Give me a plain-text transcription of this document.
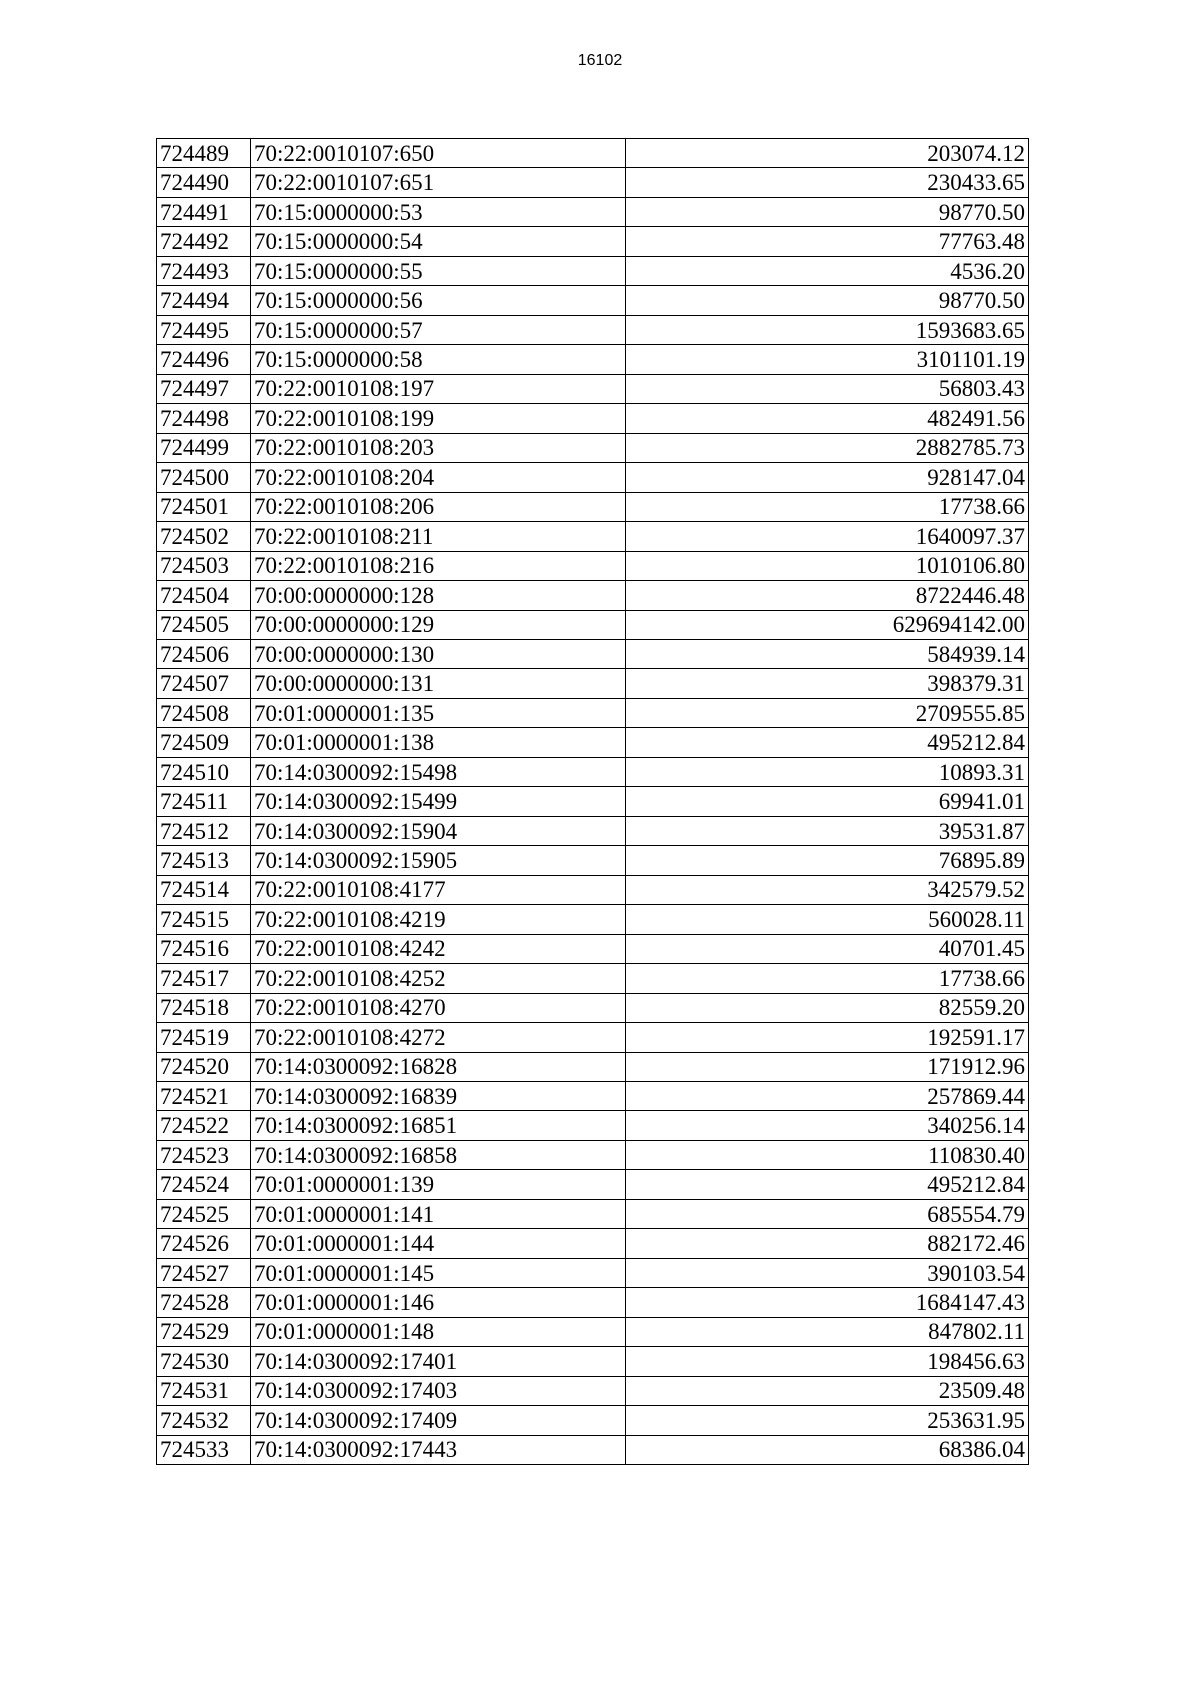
16102
724489	70:22:0010107:650	203074.12
724490	70:22:0010107:651	230433.65
724491	70:15:0000000:53	98770.50
724492	70:15:0000000:54	77763.48
724493	70:15:0000000:55	4536.20
724494	70:15:0000000:56	98770.50
724495	70:15:0000000:57	1593683.65
724496	70:15:0000000:58	3101101.19
724497	70:22:0010108:197	56803.43
724498	70:22:0010108:199	482491.56
724499	70:22:0010108:203	2882785.73
724500	70:22:0010108:204	928147.04
724501	70:22:0010108:206	17738.66
724502	70:22:0010108:211	1640097.37
724503	70:22:0010108:216	1010106.80
724504	70:00:0000000:128	8722446.48
724505	70:00:0000000:129	629694142.00
724506	70:00:0000000:130	584939.14
724507	70:00:0000000:131	398379.31
724508	70:01:0000001:135	2709555.85
724509	70:01:0000001:138	495212.84
724510	70:14:0300092:15498	10893.31
724511	70:14:0300092:15499	69941.01
724512	70:14:0300092:15904	39531.87
724513	70:14:0300092:15905	76895.89
724514	70:22:0010108:4177	342579.52
724515	70:22:0010108:4219	560028.11
724516	70:22:0010108:4242	40701.45
724517	70:22:0010108:4252	17738.66
724518	70:22:0010108:4270	82559.20
724519	70:22:0010108:4272	192591.17
724520	70:14:0300092:16828	171912.96
724521	70:14:0300092:16839	257869.44
724522	70:14:0300092:16851	340256.14
724523	70:14:0300092:16858	110830.40
724524	70:01:0000001:139	495212.84
724525	70:01:0000001:141	685554.79
724526	70:01:0000001:144	882172.46
724527	70:01:0000001:145	390103.54
724528	70:01:0000001:146	1684147.43
724529	70:01:0000001:148	847802.11
724530	70:14:0300092:17401	198456.63
724531	70:14:0300092:17403	23509.48
724532	70:14:0300092:17409	253631.95
724533	70:14:0300092:17443	68386.04
